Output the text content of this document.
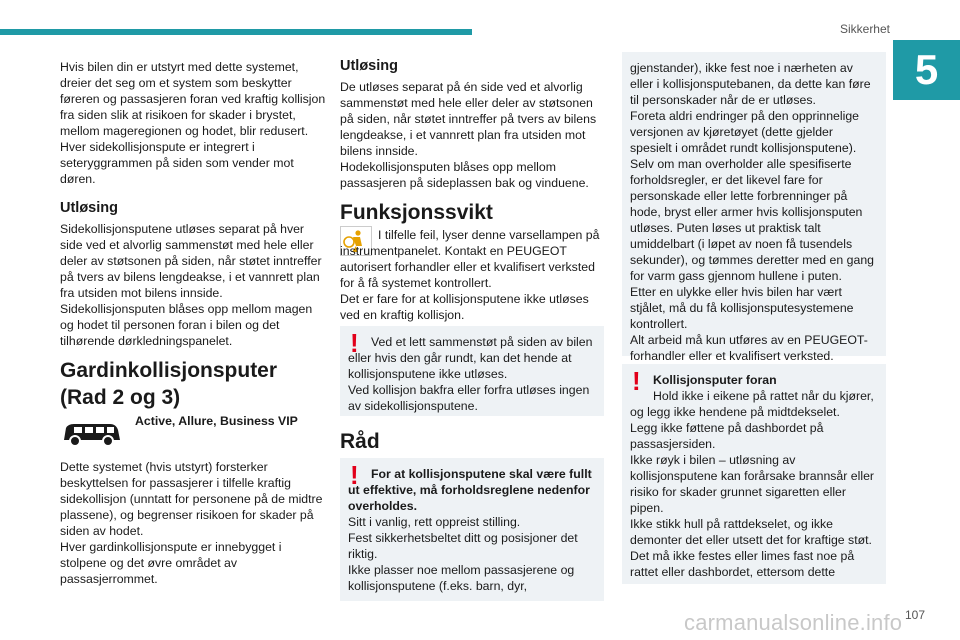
Sikkerhet
5

Hvis bilen din er utstyrt med dette systemet, dreier det seg om et system som beskytter føreren og passasjeren foran ved kraftig kollisjon fra siden slik at risikoen for skader i brystet, mellom mageregionen og hodet, blir redusert.
Hver sidekollisjonspute er integrert i seteryggrammen på siden som vender mot døren.

Utløsing

Sidekollisjonsputene utløses separat på hver side ved et alvorlig sammenstøt med hele eller deler av støtsonen på siden, når støtet inntreffer på tvers av bilens lengdeakse, i et vannrett plan fra utsiden mot bilens innside.
Sidekollisjonsputen blåses opp mellom magen og hodet til personen foran i bilen og det tilhørende dørkledningspanelet.

Gardinkollisjonsputer (Rad 2 og 3)

Active, Allure, Business VIP

Dette systemet (hvis utstyrt) forsterker beskyttelsen for passasjerer i tilfelle kraftig sidekollisjon (unntatt for personene på de midtre plassene), og begrenser risikoen for skader på siden av hodet.
Hver gardinkollisjonspute er innebygget i stolpene og det øvre området av passasjerrommet.

Utløsing

De utløses separat på én side ved et alvorlig sammenstøt med hele eller deler av støtsonen på siden, når støtet inntreffer på tvers av bilens lengdeakse, i et vannrett plan fra utsiden mot bilens innside.
Hodekollisjonsputen blåses opp mellom passasjeren på sideplassen bak og vinduene.

Funksjonssvikt

I tilfelle feil, lyser denne varsellampen på instrumentpanelet. Kontakt en PEUGEOT autorisert forhandler eller et kvalifisert verksted for å få systemet kontrollert.
Det er fare for at kollisjonsputene ikke utløses ved en kraftig kollisjon.

!	Ved et lett sammenstøt på siden av bilen eller hvis den går rundt, kan det hende at kollisjonsputene ikke utløses.
Ved kollisjon bakfra eller forfra utløses ingen av sidekollisjonsputene.

Råd
!	For at kollisjonsputene skal være fullt ut effektive, må forholdsreglene nedenfor overholdes.

Sitt i vanlig, rett oppreist stilling.
Fest sikkerhetsbeltet ditt og posisjoner det riktig.
Ikke plasser noe mellom passasjerene og kollisjonsputene (f.eks. barn, dyr,

gjenstander), ikke fest noe i nærheten av eller i kollisjonsputebanen, da dette kan føre til personskader når de er utløses.
Foreta aldri endringer på den opprinnelige versjonen av kjøretøyet (dette gjelder spesielt i området rundt kollisjonsputene).
Selv om man overholder alle spesifiserte forholdsregler, er det likevel fare for personskade eller lette forbrenninger på hode, bryst eller armer hvis kollisjonsputen utløses. Puten løses ut praktisk talt umiddelbart (i løpet av noen få tusendels sekunder), og tømmes deretter med en gang for varm gass gjennom hullene i puten.
Etter en ulykke eller hvis bilen har vært stjålet, må du få kollisjonsputesystemene kontrollert.
Alt arbeid må kun utføres av en PEUGEOT-forhandler eller et kvalifisert verksted.

!	Kollisjonsputer foran

Hold ikke i eikene på rattet når du kjører, og legg ikke hendene på midtdekselet.
Legg ikke føttene på dashbordet på passasjersiden.
Ikke røyk i bilen – utløsning av kollisjonsputene kan forårsake brannsår eller risiko for skader grunnet sigaretten eller pipen.
Ikke stikk hull på rattdekselet, og ikke demonter det eller utsett det for kraftige støt.
Det må ikke festes eller limes fast noe på rattet eller dashbordet, ettersom dette

carmanualsonline.info 107
